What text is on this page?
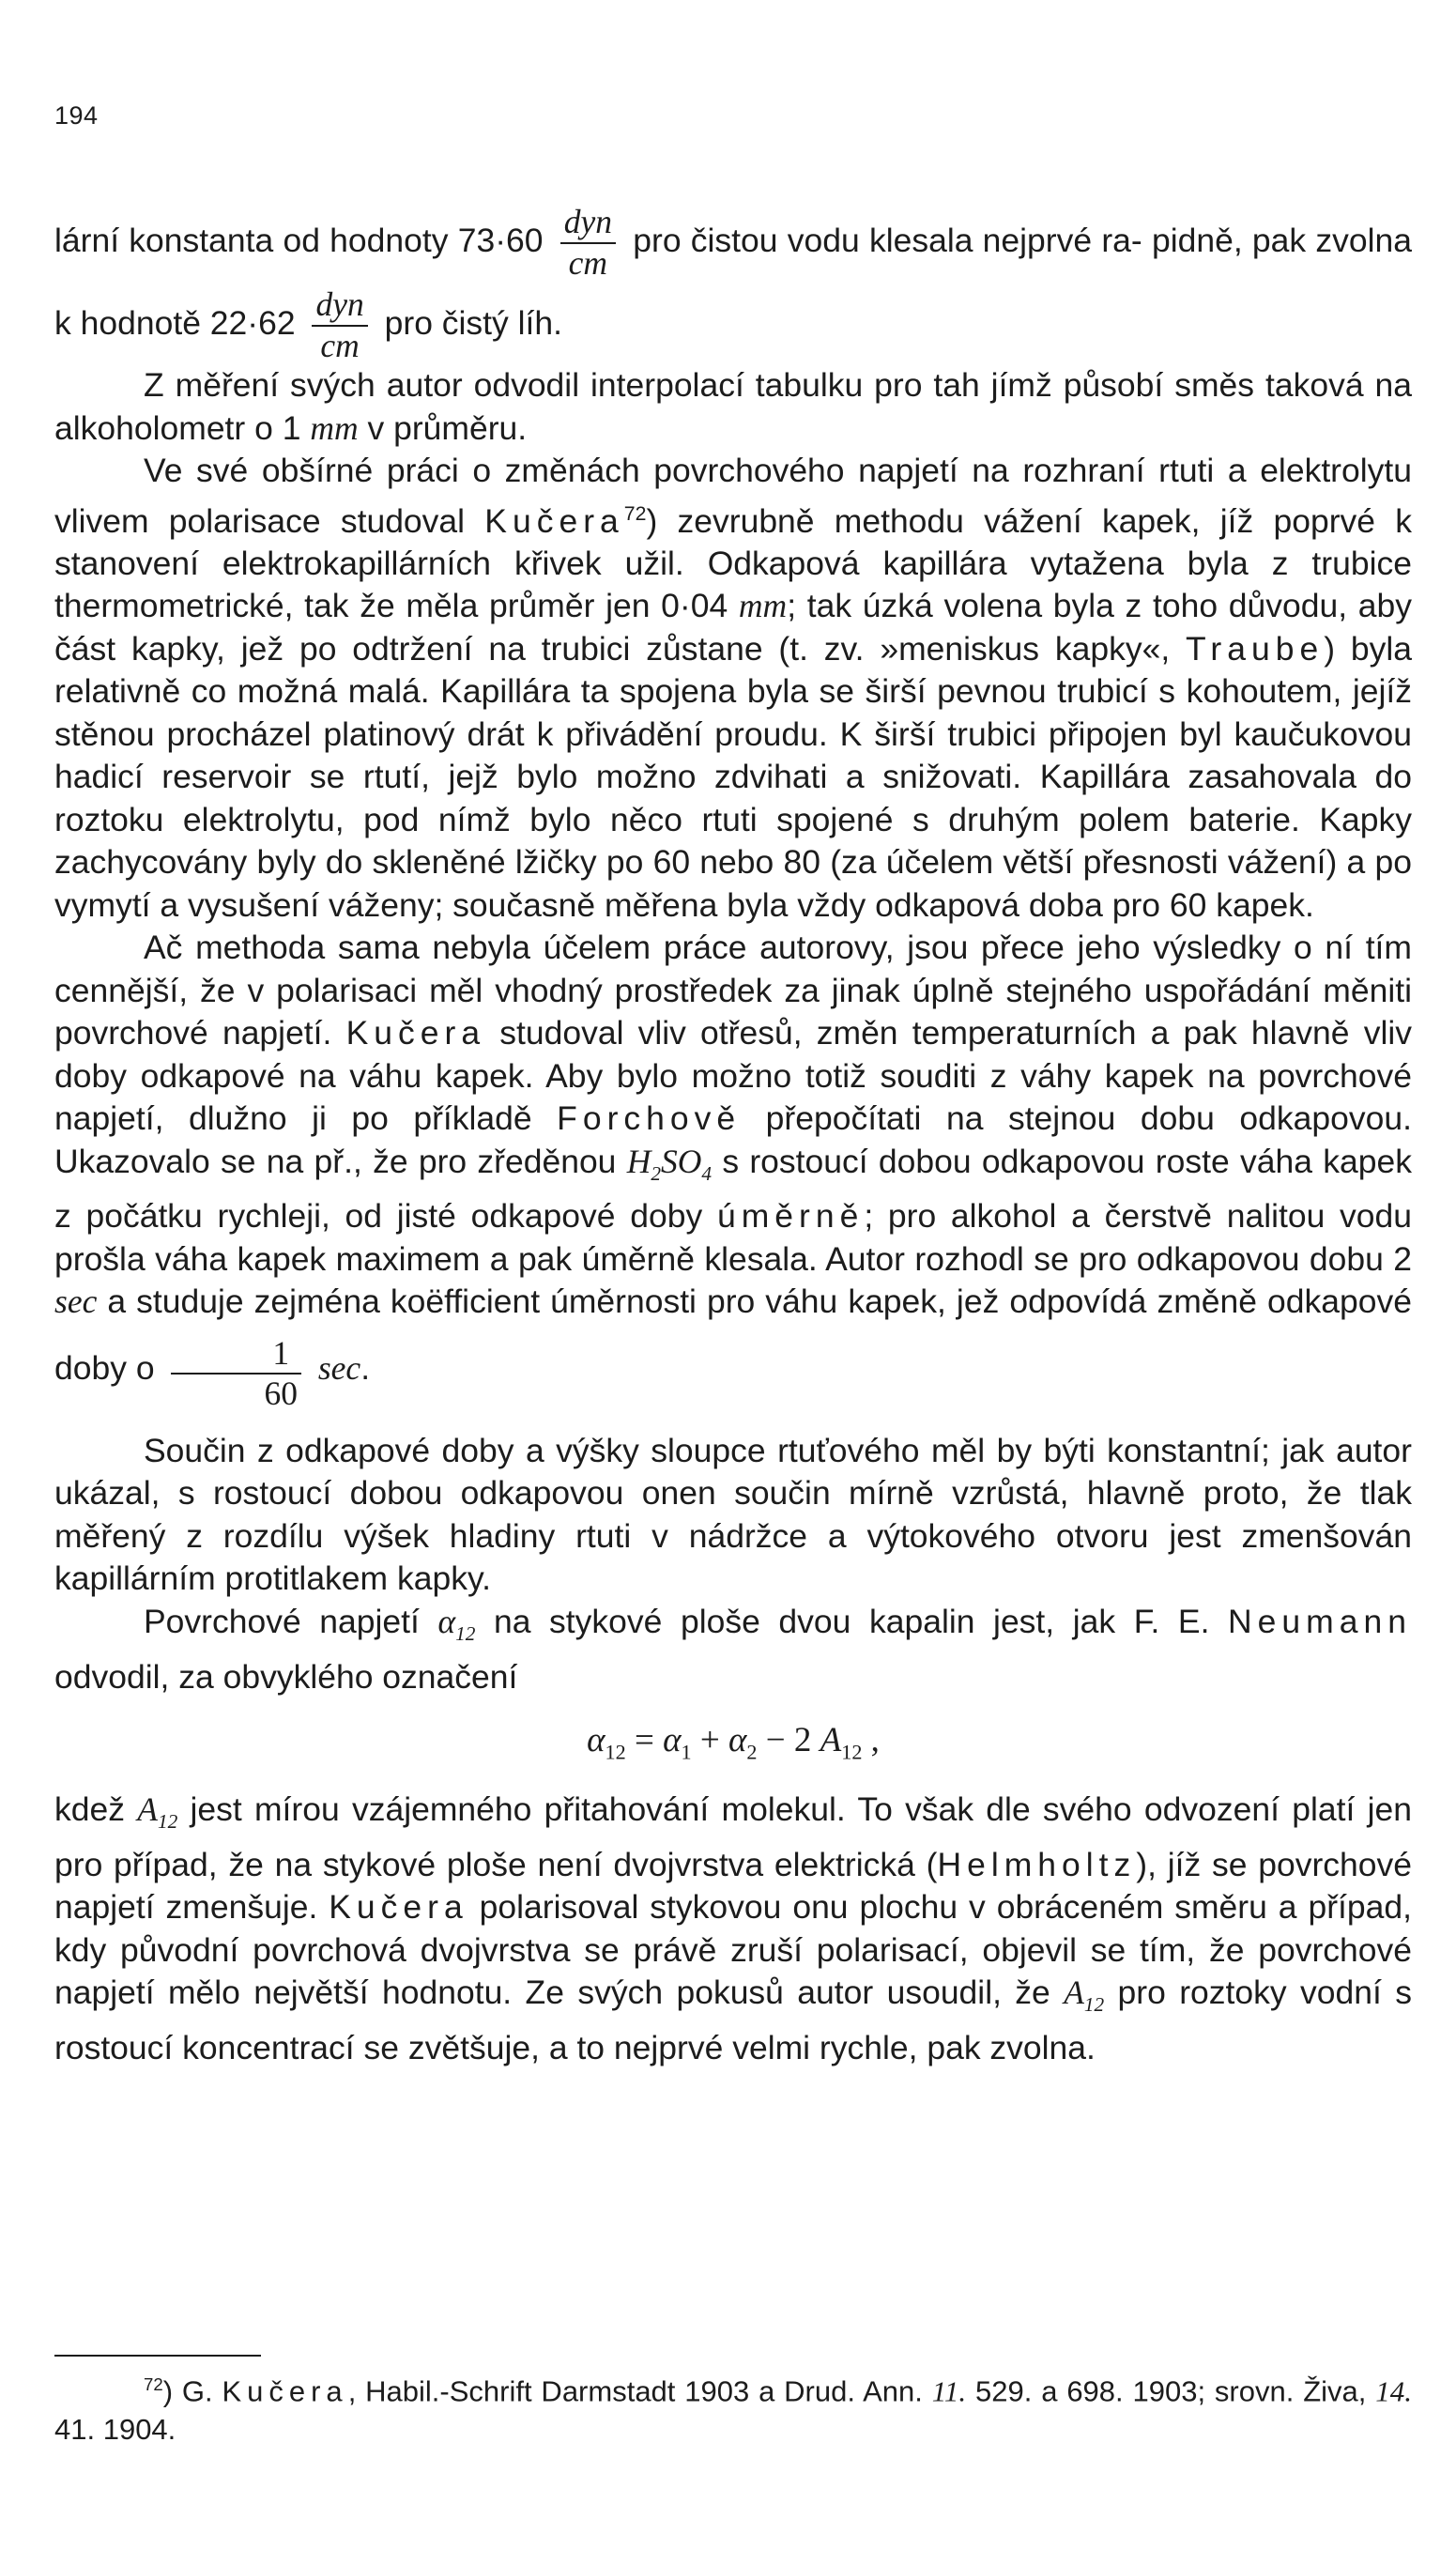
194

lární konstanta od hodnoty $73\cdot 60 \frac{\text{dyn}}{cm}$ pro čistou vodu klesala nejprvé ra- pidně, pak zvolna k hodnotě $22\cdot 62 \frac{\text{dyn}}{cm}$ pro čistý líh.

Z měření svých autor odvodil interpolací tabulku pro tah jímž působí směs taková na alkoholometr o 1 mm v průměru.

Ve své obšírné práci o změnách povrchového napjetí na rozhraní rtuti a elektrolytu vlivem polarisace studoval Kučera$^{72}$) zevrubně methodu vážení kapek, jíž poprvé k stanovení elektrokapillárních křivek užil. Odkapová kapillára vytažena byla z trubice thermometrické, tak že měla průměr jen 0·04 mm; tak úzká volena byla z toho důvodu, aby část kapky, jež po odtržení na trubici zůstane (t. zv. »meniskus kapky«, Traube) byla relativně co možná malá. Kapillára ta spojena byla se širší pevnou trubicí s kohoutem, jejíž stěnou procházel platinový drát k přivádění proudu. K širší trubici připojen byl kaučukovou hadicí reservoir se rtutí, jejž bylo možno zdvihati a snižovati. Kapillára zasahovala do roztoku elektrolytu, pod nímž bylo něco rtuti spojené s druhým polem baterie. Kapky zachycovány byly do skleněné lžičky po 60 nebo 80 (za účelem větší přesnosti vážení) a po vymytí a vysušení váženy; současně měřena byla vždy odkapová doba pro 60 kapek.

Ač methoda sama nebyla účelem práce autorovy, jsou přece jeho výsledky o ní tím cennější, že v polarisaci měl vhodný prostředek za jinak úplně stejného uspořádání měniti povrchové napjetí. Kučera studoval vliv otřesů, změn temperaturních a pak hlavně vliv doby odkapové na váhu kapek. Aby bylo možno totiž souditi z váhy kapek na povrchové napjetí, dlužno ji po příkladě Forchově přepočítati na stejnou dobu odkapovou. Ukazovalo se na př., že pro zředěnou $H_2SO_4$ s rostoucí dobou odkapovou roste váha kapek z počátku rychleji, od jisté odkapové doby úměrně; pro alkohol a čerstvě nalitou vodu prošla váha kapek maximem a pak úměrně klesala. Autor rozhodl se pro odkapovou dobu 2 sec a studuje zejména koëfficient úměrnosti pro váhu kapek, jež odpovídá změně odkapové doby o $\frac{1}{60} \sec$.

Součin z odkapové doby a výšky sloupce rtuťového měl by býti konstantní; jak autor ukázal, s rostoucí dobou odkapovou onen součin mírně vzrůstá, hlavně proto, že tlak měřený z rozdílu výšek hladiny rtuti v nádržce a výtokového otvoru jest zmenšován kapillárním protitlakem kapky.

Povrchové napjetí $\alpha_{12}$ na stykové ploše dvou kapalin jest, jak F. E. Neumann odvodil, za obvyklého označení

$\alpha_{12} = \alpha_1 + \alpha_2 - 2$ $A_{12}$ ,

kdež $A_{12}$ jest mírou vzájemného přitahování molekul. To však dle svého odvození platí jen pro případ, že na stykové ploše není dvojvrstva elektrická (Helmholtz), jíž se povrchové napjetí zmenšuje. Kučera polarisoval stykovou onu plochu v obráceném směru a případ, kdy původní povrchová dvojvrstva se právě zruší polarisací, objevil se tím, že povrchové napjetí mělo největší hodnotu. Ze svých pokusů autor usoudil, že $A_{12}$ pro roztoky vodní s rostoucí koncentrací se zvětšuje, a to nejprvé velmi rychle, pak zvolna.

$^{72}$) G. Kučera, Habil.-Schrift Darmstadt 1903 a Drud. Ann. 11. 529. a 698. 1903; srovn. Živa, 14. 41. 1904.
